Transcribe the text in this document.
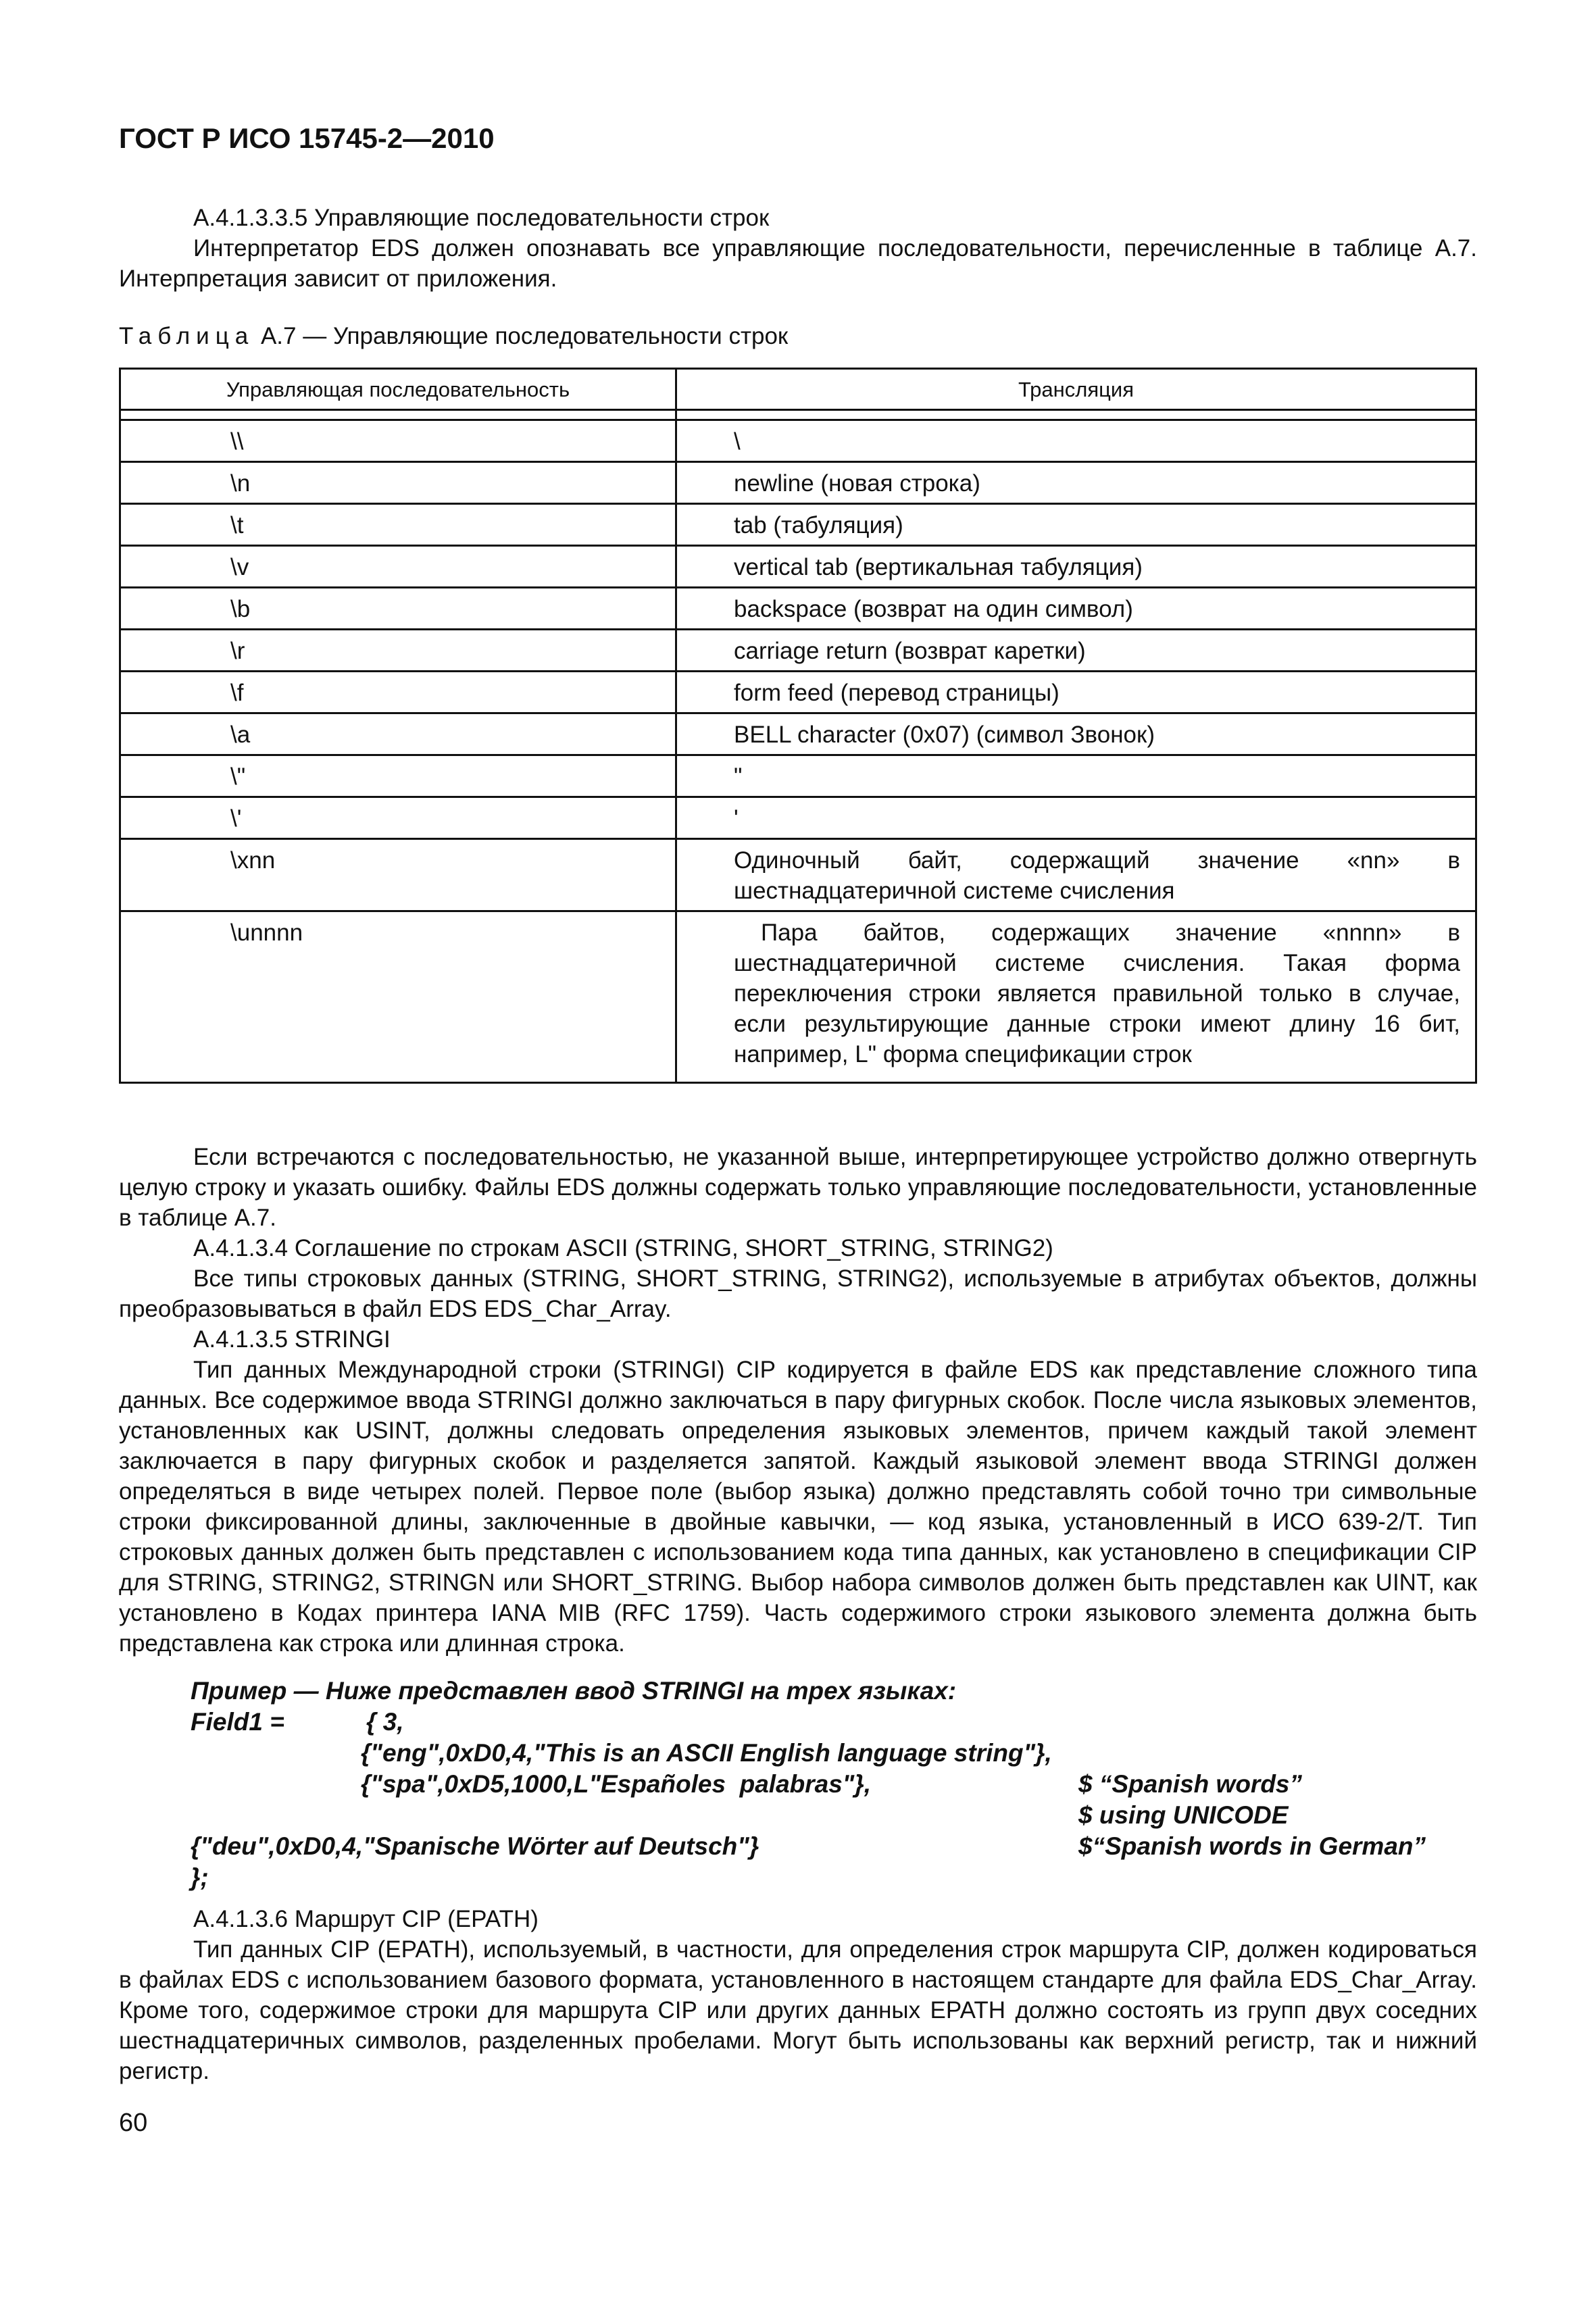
ГОСТ Р ИСО 15745-2—2010

А.4.1.3.3.5 Управляющие последовательности строк

Интерпретатор EDS должен опознавать все управляющие последовательности, перечисленные в таблице А.7. Интерпретация зависит от приложения.

Таблица А.7 — Управляющие последовательности строк
Управляющая последовательность	Трансляция

\\	\
\n	newline (новая строка)
\t	tab (табуляция)
\v	vertical tab (вертикальная табуляция)
\b	backspace (возврат на один символ)
\r	carriage return (возврат каретки)
\f	form feed (перевод страницы)
\a	BELL character (0x07) (символ Звонок)
\"	"
\'	'
\xnn	Одиночный байт, содержащий значение «nn» в шестнадцатеричной системе счисления

\unnnn	Пара байтов, содержащих значение «nnnn» в шестнадцатеричной системе счисления. Такая форма переключения строки является правильной только в случае, если результирующие данные строки имеют длину 16 бит, например, L" форма спецификации строк

Если встречаются с последовательностью, не указанной выше, интерпретирующее устройство должно отвергнуть целую строку и указать ошибку. Файлы EDS должны содержать только управляющие последовательности, установленные в таблице А.7.

А.4.1.3.4 Соглашение по строкам ASCII (STRING, SHORT_STRING, STRING2)

Все типы строковых данных (STRING, SHORT_STRING, STRING2), используемые в атрибутах объектов, должны преобразовываться в файл EDS EDS_Char_Array.

А.4.1.3.5 STRINGI

Тип данных Международной строки (STRINGI) CIP кодируется в файле EDS как представление сложного типа данных. Все содержимое ввода STRINGI должно заключаться в пару фигурных скобок. После числа языковых элементов, установленных как USINT, должны следовать определения языковых элементов, причем каждый такой элемент заключается в пару фигурных скобок и разделяется запятой. Каждый языковой элемент ввода STRINGI должен определяться в виде четырех полей. Первое поле (выбор языка) должно представлять собой точно три символьные строки фиксированной длины, заключенные в двойные кавычки, — код языка, установленный в ИСО 639-2/Т. Тип строковых данных должен быть представлен с использованием кода типа данных, как установлено в спецификации CIP для STRING, STRING2, STRINGN или SHORT_STRING. Выбор набора символов должен быть представлен как UINT, как установлено в Кодах принтера IANA MIB (RFC 1759). Часть содержимого строки языкового элемента должна быть представлена как строка или длинная строка.

Пример — Ниже представлен ввод STRINGI на трех языках:
Field1 =	{ 3,
{"eng",0xD0,4,"This is an ASCII English language string"},
{"spa",0xD5,1000,L"Españoles  palabras"},	$ “Spanish words”
$ using UNICODE
{"deu",0xD0,4,"Spanische Wörter auf Deutsch"}	$“Spanish words in German”
};

А.4.1.3.6 Маршрут CIP (EPATH)

Тип данных CIP (EPATH), используемый, в частности, для определения строк маршрута CIP, должен кодироваться в файлах EDS с использованием базового формата, установленного в настоящем стандарте для файла EDS_Char_Array. Кроме того, содержимое строки для маршрута CIP или других данных EPATH должно состоять из групп двух соседних шестнадцатеричных символов, разделенных пробелами. Могут быть использованы как верхний регистр, так и нижний регистр.

60
